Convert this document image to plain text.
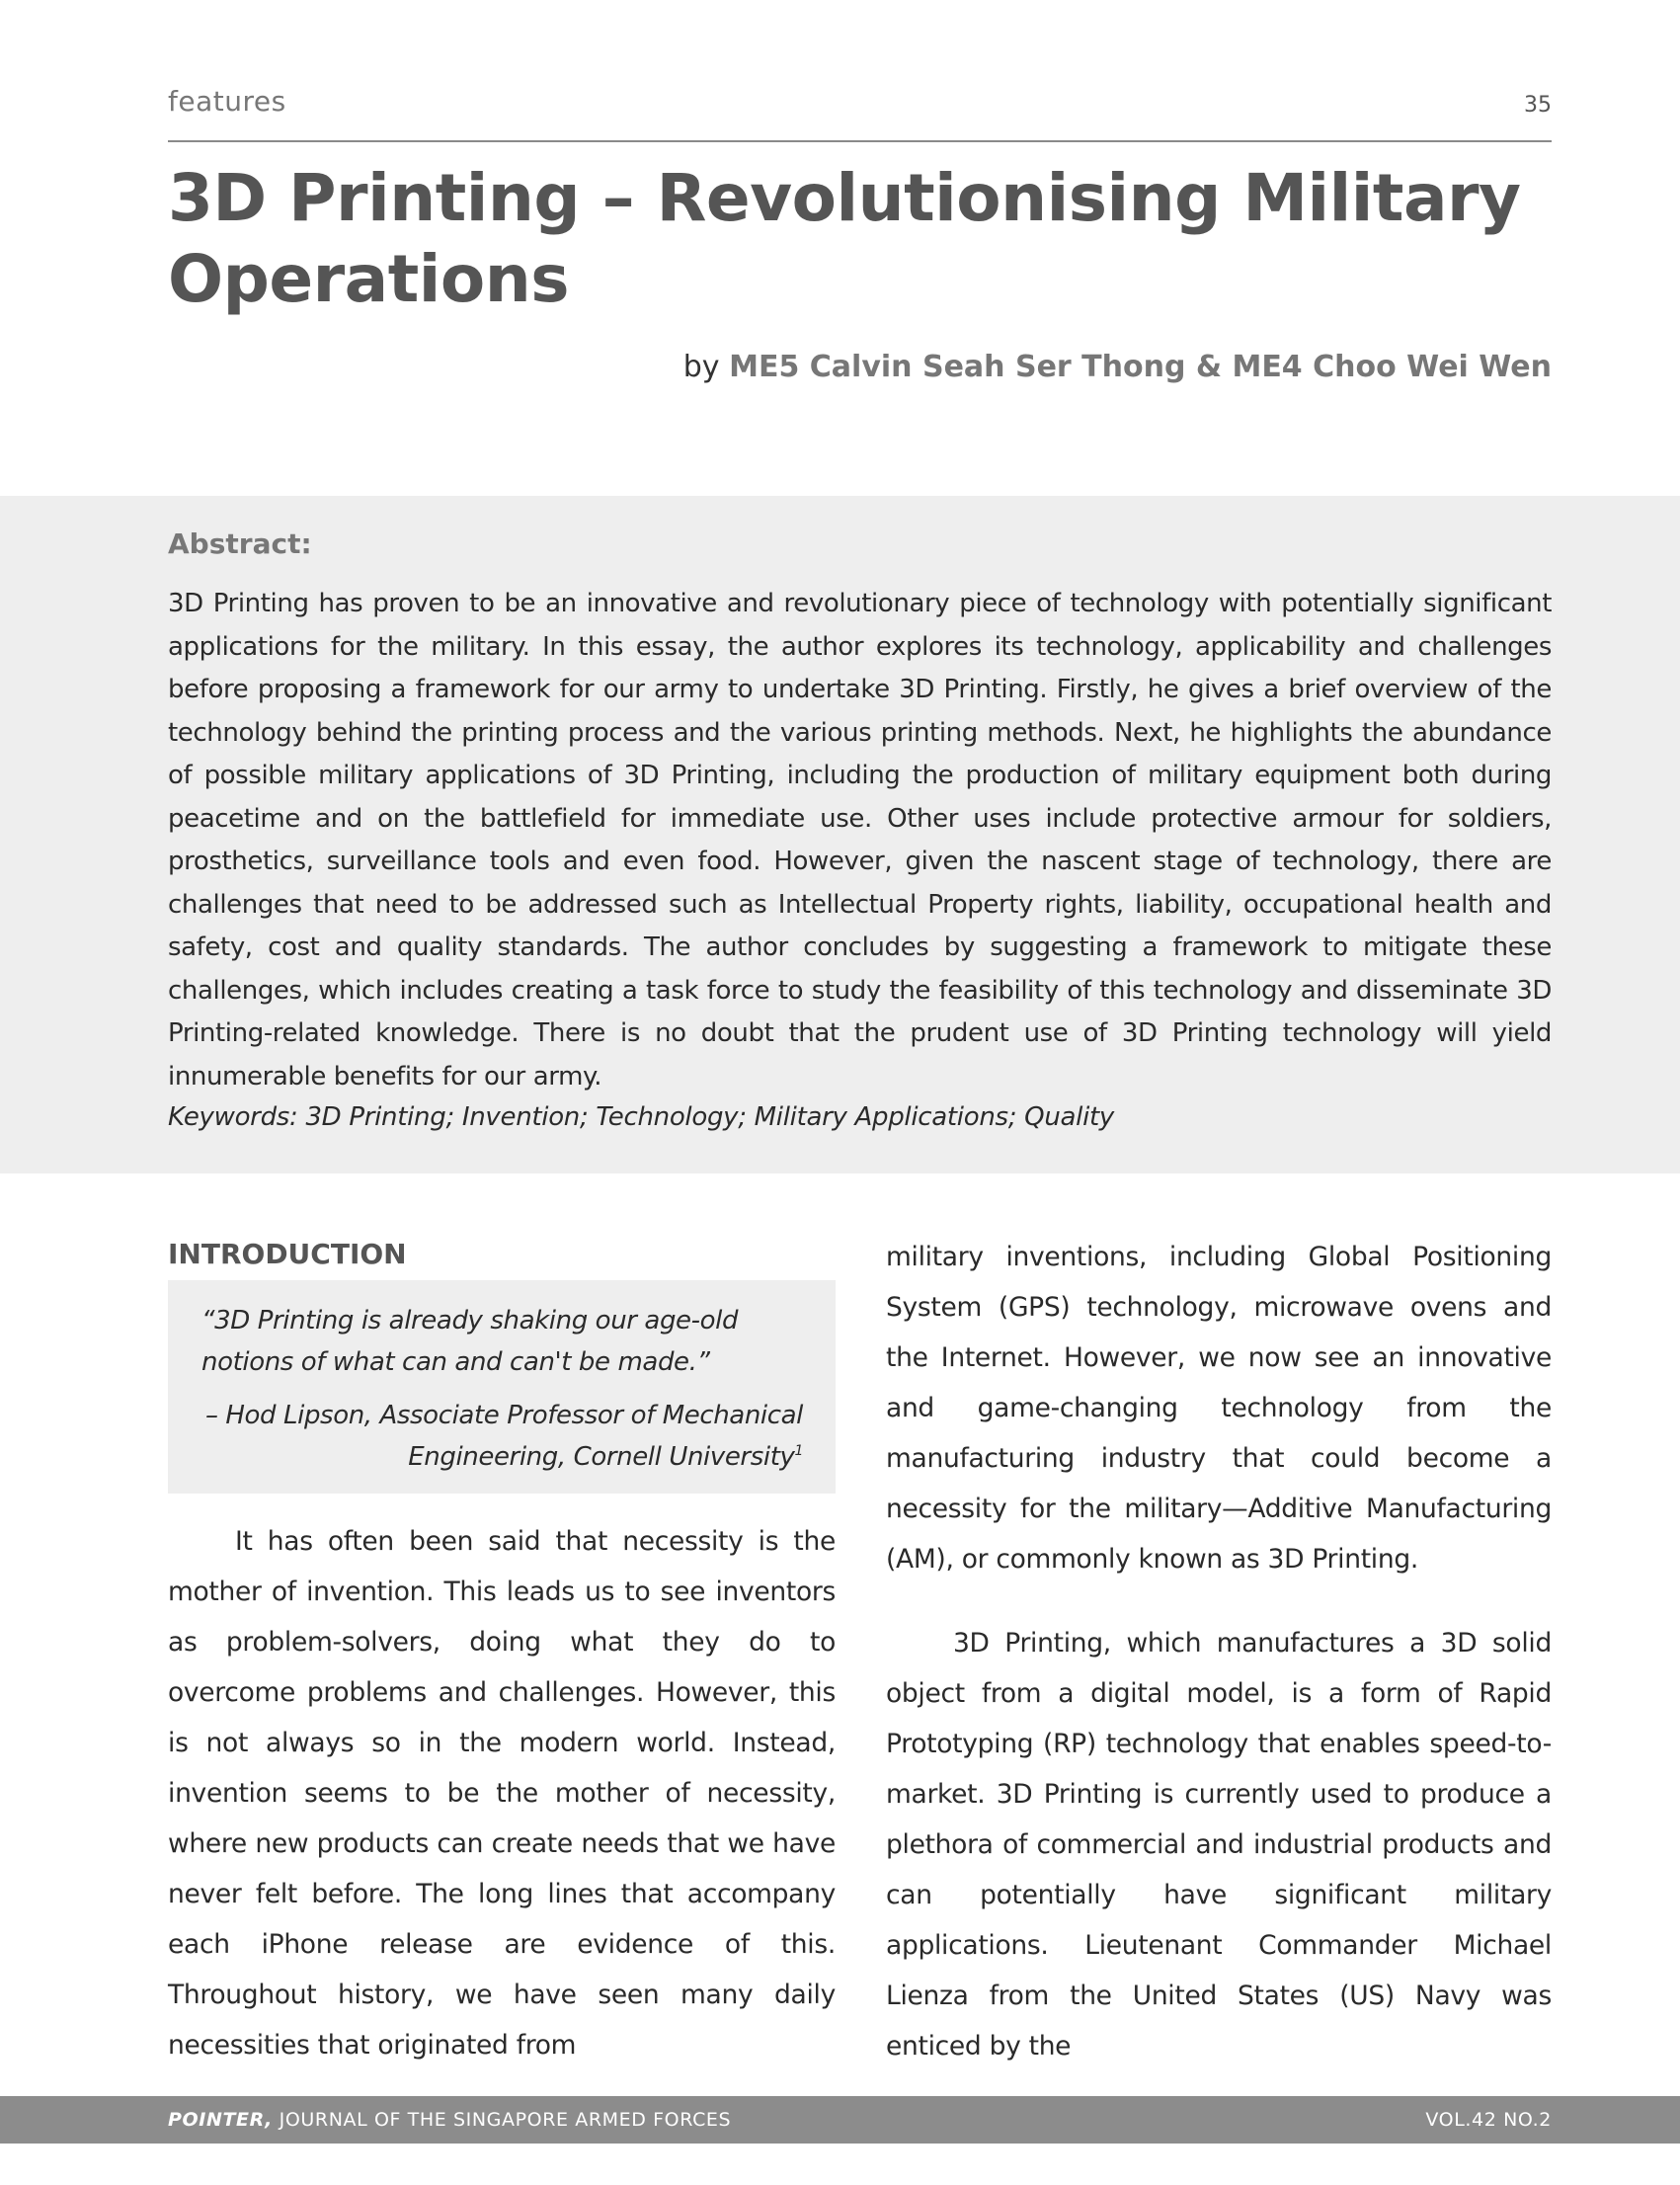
features	35
3D Printing – Revolutionising Military Operations
by ME5 Calvin Seah Ser Thong & ME4 Choo Wei Wen
Abstract:

3D Printing has proven to be an innovative and revolutionary piece of technology with potentially significant applications for the military. In this essay, the author explores its technology, applicability and challenges before proposing a framework for our army to undertake 3D Printing. Firstly, he gives a brief overview of the technology behind the printing process and the various printing methods. Next, he highlights the abundance of possible military applications of 3D Printing, including the production of military equipment both during peacetime and on the battlefield for immediate use. Other uses include protective armour for soldiers, prosthetics, surveillance tools and even food. However, given the nascent stage of technology, there are challenges that need to be addressed such as Intellectual Property rights, liability, occupational health and safety, cost and quality standards. The author concludes by suggesting a framework to mitigate these challenges, which includes creating a task force to study the feasibility of this technology and disseminate 3D Printing-related knowledge. There is no doubt that the prudent use of 3D Printing technology will yield innumerable benefits for our army.

Keywords: 3D Printing; Invention; Technology; Military Applications; Quality
INTRODUCTION

“3D Printing is already shaking our age-old notions of what can and can't be made.”

– Hod Lipson, Associate Professor of Mechanical Engineering, Cornell University$^1$

It has often been said that necessity is the mother of invention. This leads us to see inventors as problem-solvers, doing what they do to overcome problems and challenges. However, this is not always so in the modern world. Instead, invention seems to be the mother of necessity, where new products can create needs that we have never felt before. The long lines that accompany each iPhone release are evidence of this. Throughout history, we have seen many daily necessities that originated from

military inventions, including Global Positioning System (GPS) technology, microwave ovens and the Internet. However, we now see an innovative and game-changing technology from the manufacturing industry that could become a necessity for the military—Additive Manufacturing (AM), or commonly known as 3D Printing.

3D Printing, which manufactures a 3D solid object from a digital model, is a form of Rapid Prototyping (RP) technology that enables speed-to-market. 3D Printing is currently used to produce a plethora of commercial and industrial products and can potentially have significant military applications. Lieutenant Commander Michael Lienza from the United States (US) Navy was enticed by the

POINTER, JOURNAL OF THE SINGAPORE ARMED FORCES	VOL.42 NO.2
